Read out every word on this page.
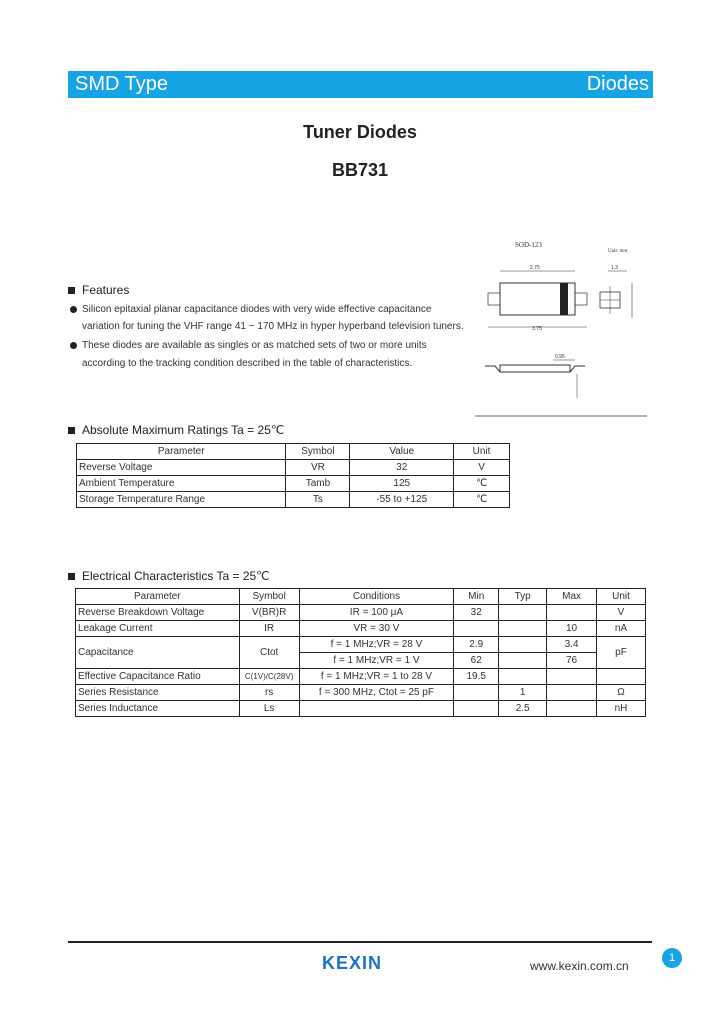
SMD Type	Diodes
Tuner Diodes
BB731
SOD-123
Unit: mm
2.75
3.75
1.3
0.95
Features
Silicon epitaxial planar capacitance diodes with very wide effective capacitance
variation for tuning the VHF range 41 ~ 170 MHz in hyper hyperband television tuners.
These diodes are available as singles or as matched sets of two or more units
according to the tracking condition described in the table of characteristics.
Absolute Maximum Ratings Ta = 25℃
Parameter	Symbol	Value	Unit
Reverse Voltage	VR	32	V
Ambient Temperature	Tamb	125	℃
Storage Temperature Range	Ts	-55 to +125	℃
Electrical Characteristics Ta = 25℃
Parameter	Symbol	Conditions	Min	Typ	Max	Unit
Reverse Breakdown Voltage	V(BR)R	IR = 100 μA	32			V
Leakage Current	IR	VR = 30 V			10	nA
Capacitance	Ctot	f = 1 MHz;VR = 28 V	2.9		3.4	pF
		f = 1 MHz;VR = 1 V	62		76	
Effective Capacitance Ratio	C(1V)/C(28V)	f = 1 MHz;VR = 1 to 28 V	19.5			
Series Resistance	rs	f = 300 MHz, Ctot = 25 pF		1		Ω
Series Inductance	Ls			2.5		nH
KEXIN	www.kexin.com.cn
1
